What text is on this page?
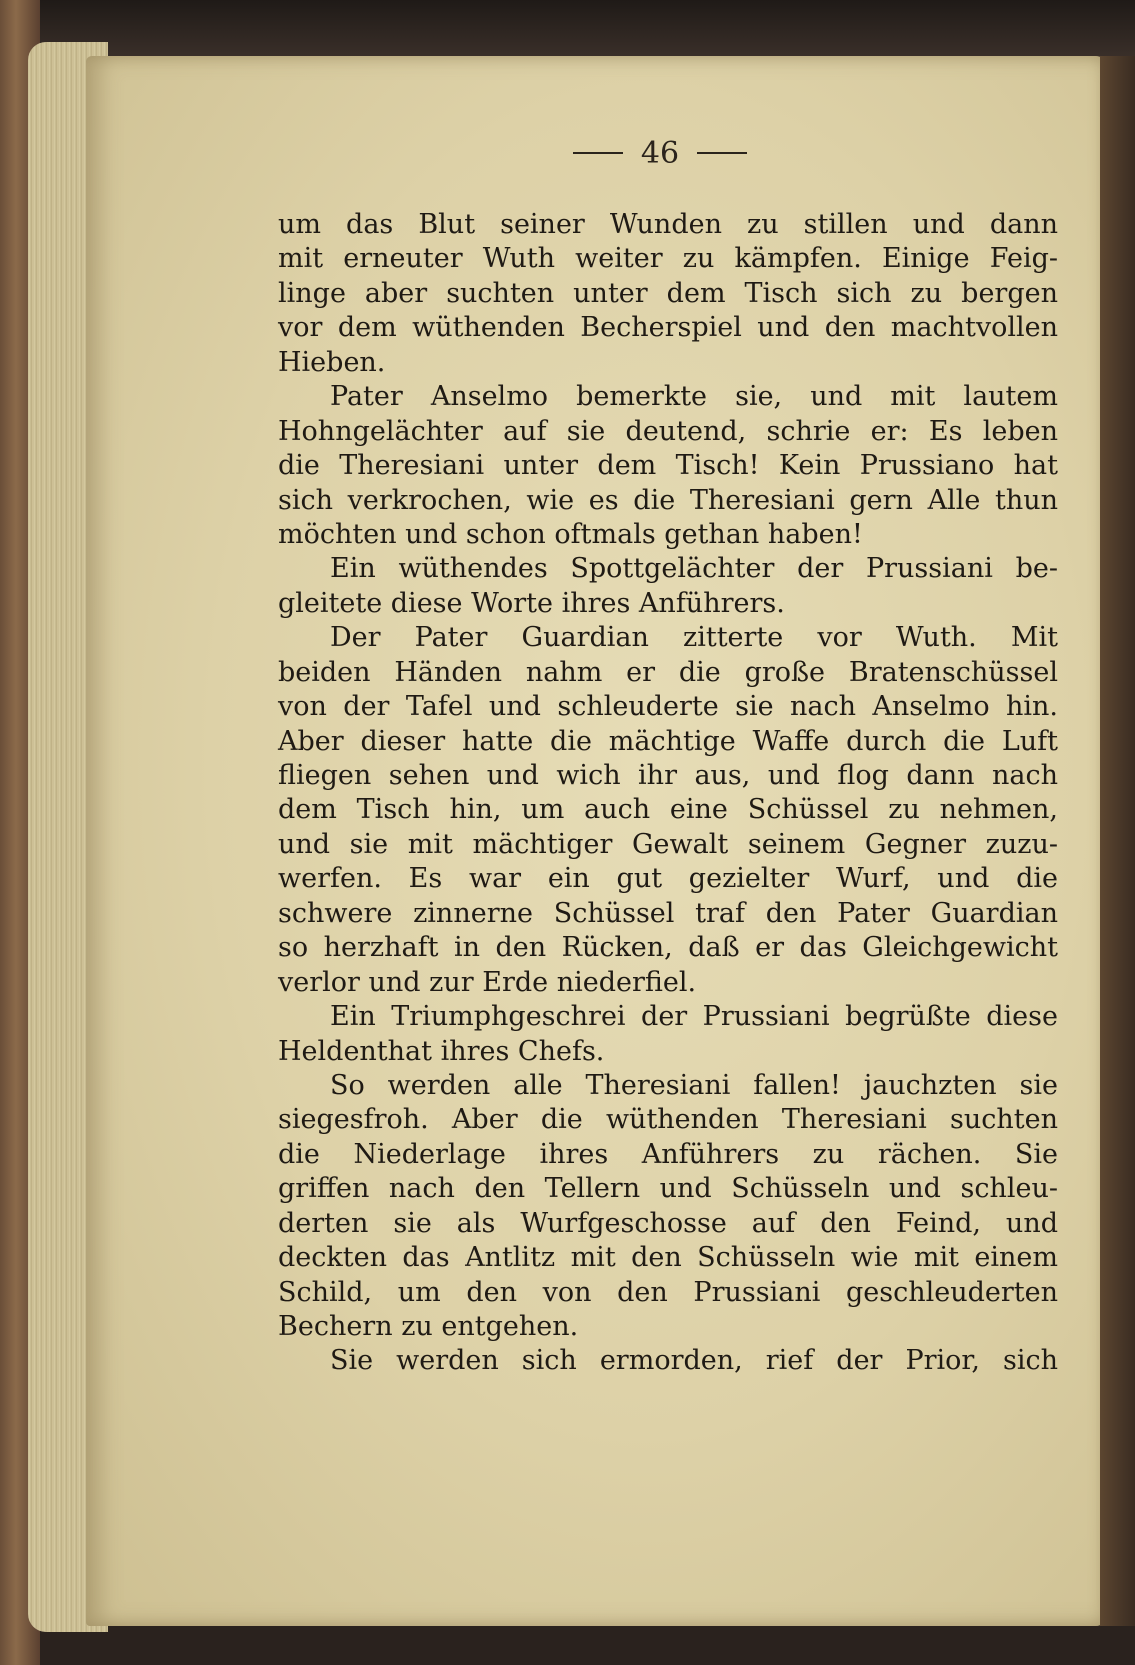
46
um das Blut seiner Wunden zu stillen und dann
mit erneuter Wuth weiter zu kämpfen. Einige Feig-
linge aber suchten unter dem Tisch sich zu bergen
vor dem wüthenden Becherspiel und den machtvollen
Hieben.
Pater Anselmo bemerkte sie, und mit lautem
Hohngelächter auf sie deutend, schrie er: Es leben
die Theresiani unter dem Tisch! Kein Prussiano hat
sich verkrochen, wie es die Theresiani gern Alle thun
möchten und schon oftmals gethan haben!
Ein wüthendes Spottgelächter der Prussiani be-
gleitete diese Worte ihres Anführers.
Der Pater Guardian zitterte vor Wuth. Mit
beiden Händen nahm er die große Bratenschüssel
von der Tafel und schleuderte sie nach Anselmo hin.
Aber dieser hatte die mächtige Waffe durch die Luft
fliegen sehen und wich ihr aus, und flog dann nach
dem Tisch hin, um auch eine Schüssel zu nehmen,
und sie mit mächtiger Gewalt seinem Gegner zuzu-
werfen. Es war ein gut gezielter Wurf, und die
schwere zinnerne Schüssel traf den Pater Guardian
so herzhaft in den Rücken, daß er das Gleichgewicht
verlor und zur Erde niederfiel.
Ein Triumphgeschrei der Prussiani begrüßte diese
Heldenthat ihres Chefs.
So werden alle Theresiani fallen! jauchzten sie
siegesfroh. Aber die wüthenden Theresiani suchten
die Niederlage ihres Anführers zu rächen. Sie
griffen nach den Tellern und Schüsseln und schleu-
derten sie als Wurfgeschosse auf den Feind, und
deckten das Antlitz mit den Schüsseln wie mit einem
Schild, um den von den Prussiani geschleuderten
Bechern zu entgehen.
Sie werden sich ermorden, rief der Prior, sich
